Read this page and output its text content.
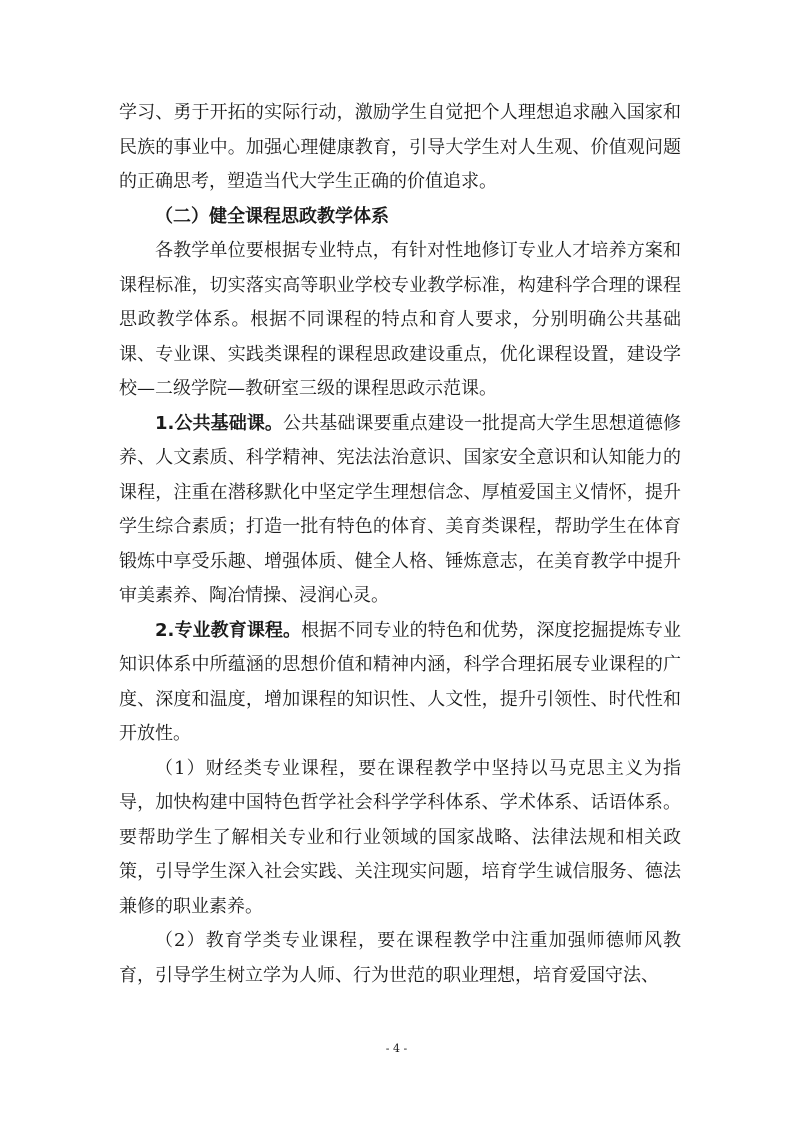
学习、勇于开拓的实际行动，激励学生自觉把个人理想追求融入国家和民族的事业中。加强心理健康教育，引导大学生对人生观、价值观问题的正确思考，塑造当代大学生正确的价值追求。

（二）健全课程思政教学体系

各教学单位要根据专业特点，有针对性地修订专业人才培养方案和课程标准，切实落实高等职业学校专业教学标准，构建科学合理的课程思政教学体系。根据不同课程的特点和育人要求，分别明确公共基础课、专业课、实践类课程的课程思政建设重点，优化课程设置，建设学校—二级学院—教研室三级的课程思政示范课。

1.公共基础课。公共基础课要重点建设一批提高大学生思想道德修养、人文素质、科学精神、宪法法治意识、国家安全意识和认知能力的课程，注重在潜移默化中坚定学生理想信念、厚植爱国主义情怀，提升学生综合素质；打造一批有特色的体育、美育类课程，帮助学生在体育锻炼中享受乐趣、增强体质、健全人格、锤炼意志，在美育教学中提升审美素养、陶冶情操、浸润心灵。

2.专业教育课程。根据不同专业的特色和优势，深度挖掘提炼专业知识体系中所蕴涵的思想价值和精神内涵，科学合理拓展专业课程的广度、深度和温度，增加课程的知识性、人文性，提升引领性、时代性和开放性。

（1）财经类专业课程，要在课程教学中坚持以马克思主义为指导，加快构建中国特色哲学社会科学学科体系、学术体系、话语体系。要帮助学生了解相关专业和行业领域的国家战略、法律法规和相关政策，引导学生深入社会实践、关注现实问题，培育学生诚信服务、德法兼修的职业素养。

（2）教育学类专业课程，要在课程教学中注重加强师德师风教育，引导学生树立学为人师、行为世范的职业理想，培育爱国守法、

- 4 -
